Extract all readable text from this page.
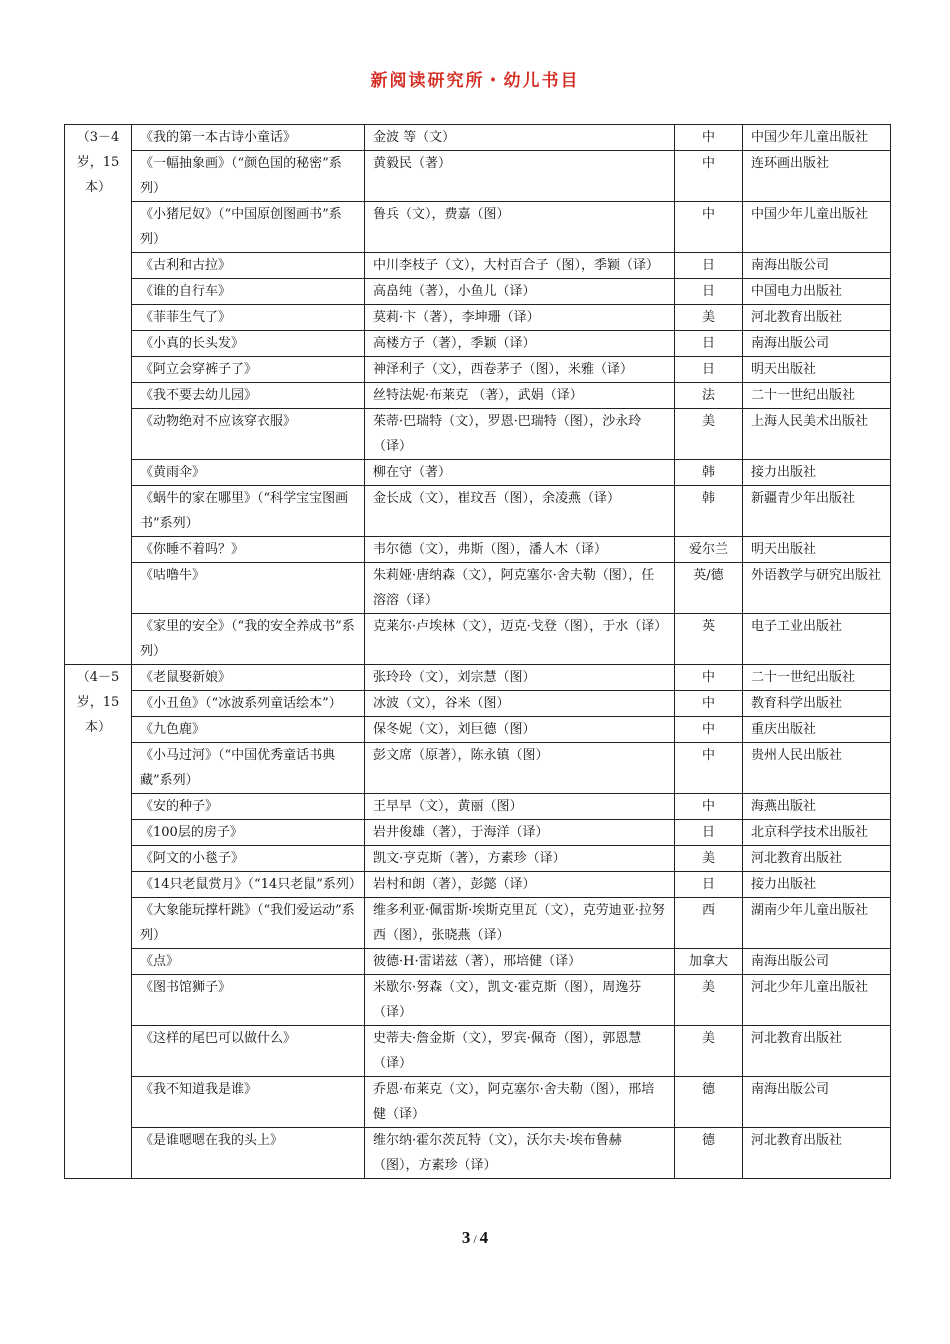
新阅读研究所・幼儿书目
（3－4岁，15本）	《我的第一本古诗小童话》	金波 等（文）	中	中国少年儿童出版社
	《一幅抽象画》（“颜色国的秘密”系列）	黄毅民（著）	中	连环画出版社
	《小猪尼奴》（“中国原创图画书”系列）	鲁兵（文），费嘉（图）	中	中国少年儿童出版社
	《古利和古拉》	中川李枝子（文），大村百合子（图），季颖（译）	日	南海出版公司
	《谁的自行车》	高畠纯（著），小鱼儿（译）	日	中国电力出版社
	《菲菲生气了》	莫莉·卞（著），李坤珊（译）	美	河北教育出版社
	《小真的长头发》	高楼方子（著），季颖（译）	日	南海出版公司
	《阿立会穿裤子了》	神泽利子（文），西卷茅子（图），米雅（译）	日	明天出版社
	《我不要去幼儿园》	丝特法妮·布莱克 （著），武娟（译）	法	二十一世纪出版社
	《动物绝对不应该穿衣服》	茱蒂·巴瑞特（文），罗恩·巴瑞特（图），沙永玲（译）	美	上海人民美术出版社
	《黄雨伞》	柳在守（著）	韩	接力出版社
	《蜗牛的家在哪里》（“科学宝宝图画书”系列）	金长成（文），崔玟吾（图），余凌燕（译）	韩	新疆青少年出版社
	《你睡不着吗？》	韦尔德（文），弗斯（图），潘人木（译）	爱尔兰	明天出版社
	《咕噜牛》	朱莉娅·唐纳森（文），阿克塞尔·舍夫勒（图），任溶溶（译）	英/德	外语教学与研究出版社
	《家里的安全》（“我的安全养成书”系列）	克莱尔·卢埃林（文），迈克·戈登（图），于水（译）	英	电子工业出版社
（4－5岁，15本）	《老鼠娶新娘》	张玲玲（文），刘宗慧（图）	中	二十一世纪出版社
	《小丑鱼》（“冰波系列童话绘本”）	冰波（文），谷米（图）	中	教育科学出版社
	《九色鹿》	保冬妮（文），刘巨德（图）	中	重庆出版社
	《小马过河》（“中国优秀童话书典藏”系列）	彭文席（原著），陈永镇（图）	中	贵州人民出版社
	《安的种子》	王早早（文），黄丽（图）	中	海燕出版社
	《100层的房子》	岩井俊雄（著），于海洋（译）	日	北京科学技术出版社
	《阿文的小毯子》	凯文·亨克斯（著），方素珍（译）	美	河北教育出版社
	《14只老鼠赏月》（“14只老鼠”系列）	岩村和朗（著），彭懿（译）	日	接力出版社
	《大象能玩撑杆跳》（“我们爱运动”系列）	维多利亚·佩雷斯·埃斯克里瓦（文），克劳迪亚·拉努西（图），张晓燕（译）	西	湖南少年儿童出版社
	《点》	彼德·H·雷诺兹（著），邢培健（译）	加拿大	南海出版公司
	《图书馆狮子》	米歇尔·努森（文），凯文·霍克斯（图），周逸芬（译）	美	河北少年儿童出版社
	《这样的尾巴可以做什么》	史蒂夫·詹金斯（文），罗宾·佩奇（图），郭恩慧（译）	美	河北教育出版社
	《我不知道我是谁》	乔恩·布莱克（文），阿克塞尔·舍夫勒（图），邢培健（译）	德	南海出版公司
	《是谁嗯嗯在我的头上》	维尔纳·霍尔茨瓦特（文），沃尔夫·埃布鲁赫（图），方素珍（译）	德	河北教育出版社
3 / 4
